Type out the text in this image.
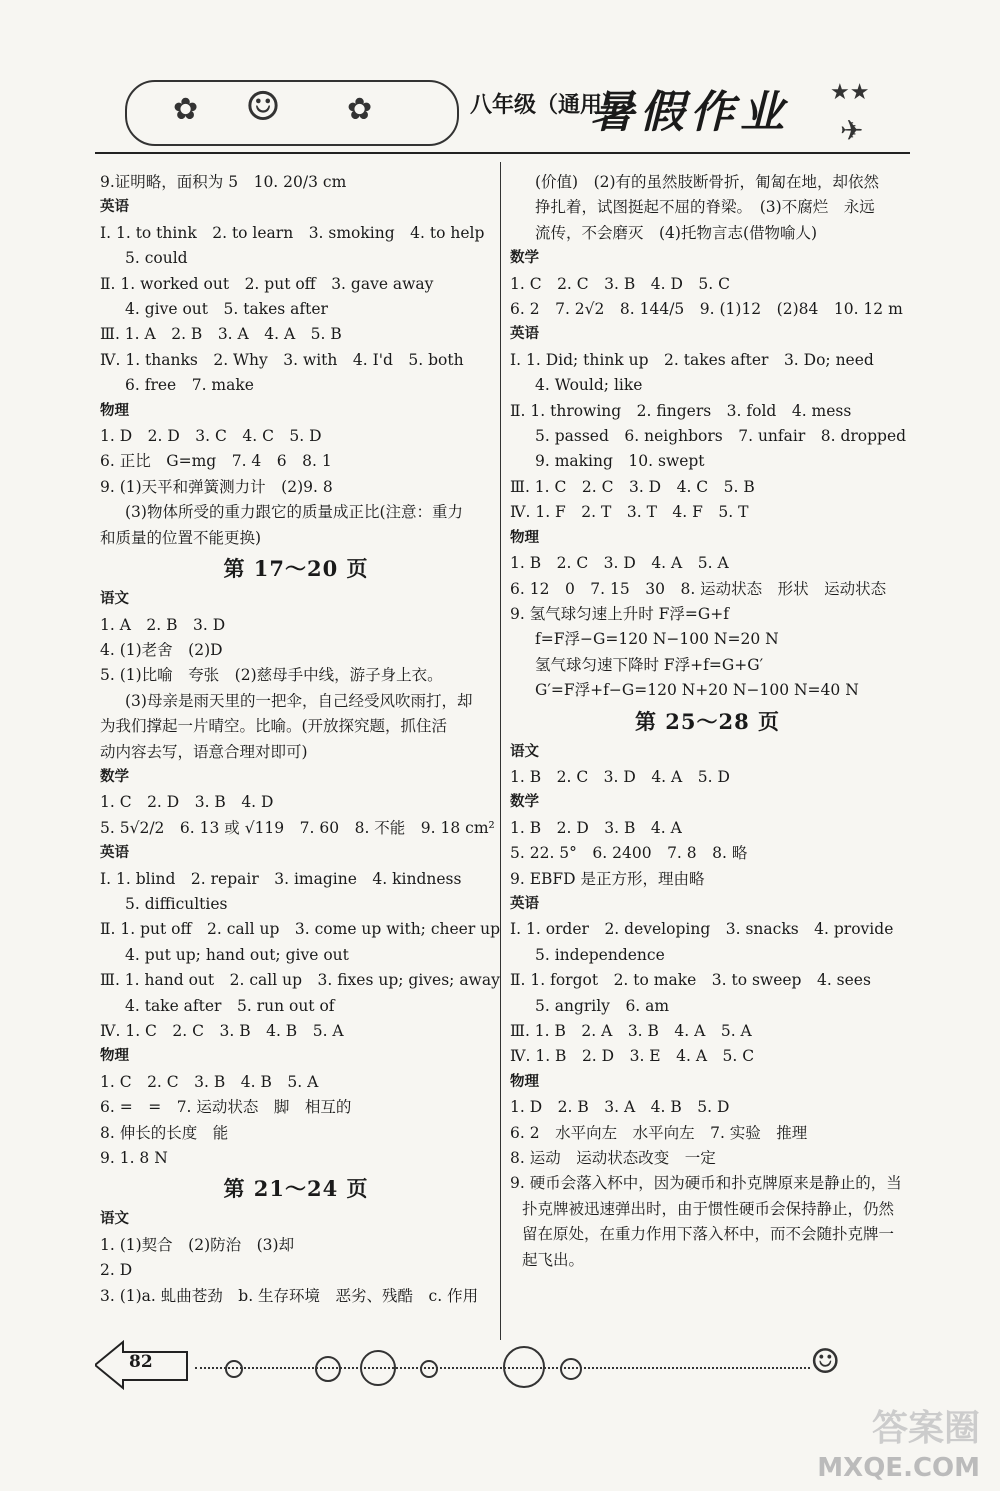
✿ ☺ ✿	八年级（通用）
暑假作业 ★★
✈
9.证明略，面积为 5　10. 20/3 cm
英语
Ⅰ. 1. to think　2. to learn　3. smoking　4. to help
5. could
Ⅱ. 1. worked out　2. put off　3. gave away
4. give out　5. takes after
Ⅲ. 1. A　2. B　3. A　4. A　5. B
Ⅳ. 1. thanks　2. Why　3. with　4. I'd　5. both
6. free　7. make
物理
1. D　2. D　3. C　4. C　5. D
6. 正比　G=mg　7. 4　6　8. 1
9. (1)天平和弹簧测力计　(2)9. 8
(3)物体所受的重力跟它的质量成正比(注意：重力
和质量的位置不能更换)
第 17～20 页
语文
1. A　2. B　3. D
4. (1)老舍　(2)D
5. (1)比喻　夸张　(2)慈母手中线，游子身上衣。
(3)母亲是雨天里的一把伞，自己经受风吹雨打，却
为我们撑起一片晴空。比喻。(开放探究题，抓住活
动内容去写，语意合理对即可)
数学
1. C　2. D　3. B　4. D
5. 5√2/2　6. 13 或 √119　7. 60　8. 不能　9. 18 cm²
英语
Ⅰ. 1. blind　2. repair　3. imagine　4. kindness
5. difficulties
Ⅱ. 1. put off　2. call up　3. come up with; cheer up
4. put up; hand out; give out
Ⅲ. 1. hand out　2. call up　3. fixes up; gives; away
4. take after　5. run out of
Ⅳ. 1. C　2. C　3. B　4. B　5. A
物理
1. C　2. C　3. B　4. B　5. A
6. =　=　7. 运动状态　脚　相互的
8. 伸长的长度　能
9. 1. 8 N
第 21～24 页
语文
1. (1)契合　(2)防治　(3)却
2. D
3. (1)a. 虬曲苍劲　b. 生存环境　恶劣、残酷　c. 作用
(价值)　(2)有的虽然肢断骨折，匍匐在地，却依然
挣扎着，试图挺起不屈的脊梁。　(3)不腐烂　永远
流传，不会磨灭　(4)托物言志(借物喻人)
数学
1. C　2. C　3. B　4. D　5. C
6. 2　7. 2√2　8. 144/5　9. (1)12　(2)84　10. 12 m
英语
Ⅰ. 1. Did; think up　2. takes after　3. Do; need
4. Would; like
Ⅱ. 1. throwing　2. fingers　3. fold　4. mess
5. passed　6. neighbors　7. unfair　8. dropped
9. making　10. swept
Ⅲ. 1. C　2. C　3. D　4. C　5. B
Ⅳ. 1. F　2. T　3. T　4. F　5. T
物理
1. B　2. C　3. D　4. A　5. A
6. 12　0　7. 15　30　8. 运动状态　形状　运动状态
9. 氢气球匀速上升时 F浮=G+f
f=F浮−G=120 N−100 N=20 N
氢气球匀速下降时 F浮+f=G+G′
G′=F浮+f−G=120 N+20 N−100 N=40 N
第 25～28 页
语文
1. B　2. C　3. D　4. A　5. D
数学
1. B　2. D　3. B　4. A
5. 22. 5°　6. 2400　7. 8　8. 略
9. EBFD 是正方形，理由略
英语
Ⅰ. 1. order　2. developing　3. snacks　4. provide
5. independence
Ⅱ. 1. forgot　2. to make　3. to sweep　4. sees
5. angrily　6. am
Ⅲ. 1. B　2. A　3. B　4. A　5. A
Ⅳ. 1. B　2. D　3. E　4. A　5. C
物理
1. D　2. B　3. A　4. B　5. D
6. 2　水平向左　水平向左　7. 实验　推理
8. 运动　运动状态改变　一定
9. 硬币会落入杯中，因为硬币和扑克牌原来是静止的，当扑克牌被迅速弹出时，由于惯性硬币会保持静止，仍然留在原处，在重力作用下落入杯中，而不会随扑克牌一起飞出。
82	☺
答案圈
MXQE.COM
